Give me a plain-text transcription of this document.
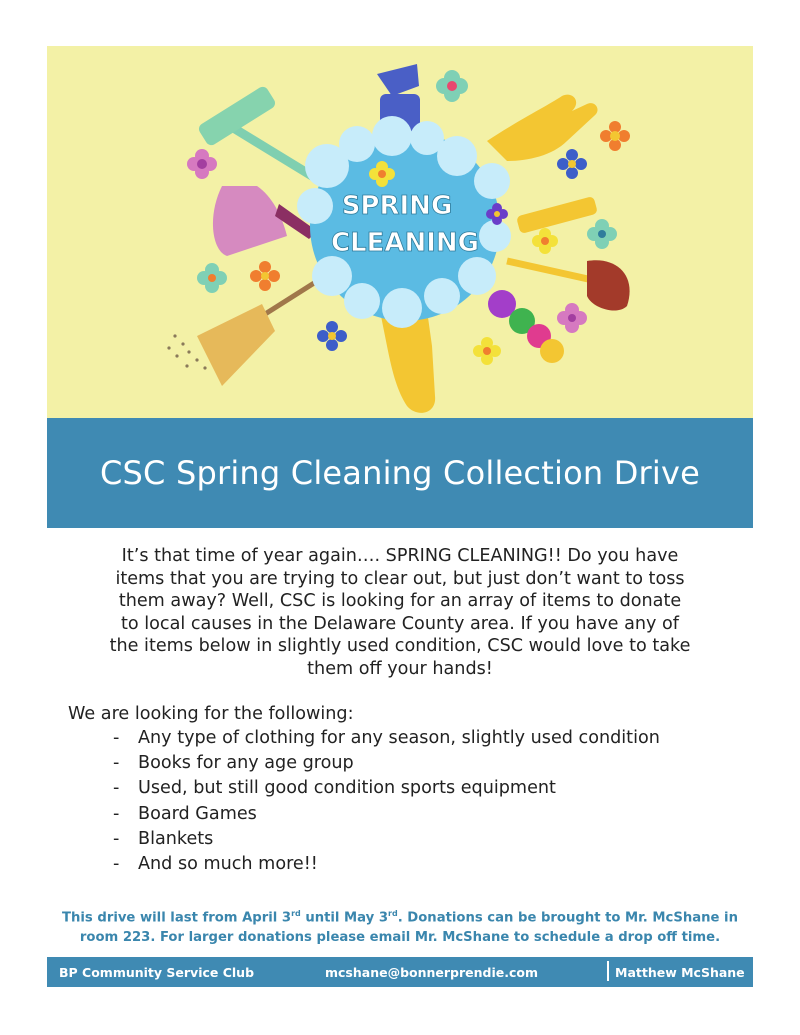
SPRING
CLEANING
CSC Spring Cleaning Collection Drive
It’s that time of year again…. SPRING CLEANING!! Do you have
items that you are trying to clear out, but just don’t want to toss
them away? Well, CSC is looking for an array of items to donate
to local causes in the Delaware County area. If you have any of
the items below in slightly used condition, CSC would love to take
them off your hands!
We are looking for the following:
-	Any type of clothing for any season, slightly used condition
-	Books for any age group
-	Used, but still good condition sports equipment
-	Board Games
-	Blankets
-	And so much more!!
This drive will last from April 3rd until May 3rd. Donations can be brought to Mr. McShane in
room 223. For larger donations please email Mr. McShane to schedule a drop off time.
BP Community Service Club	mcshane@bonnerprendie.com	Matthew McShane
